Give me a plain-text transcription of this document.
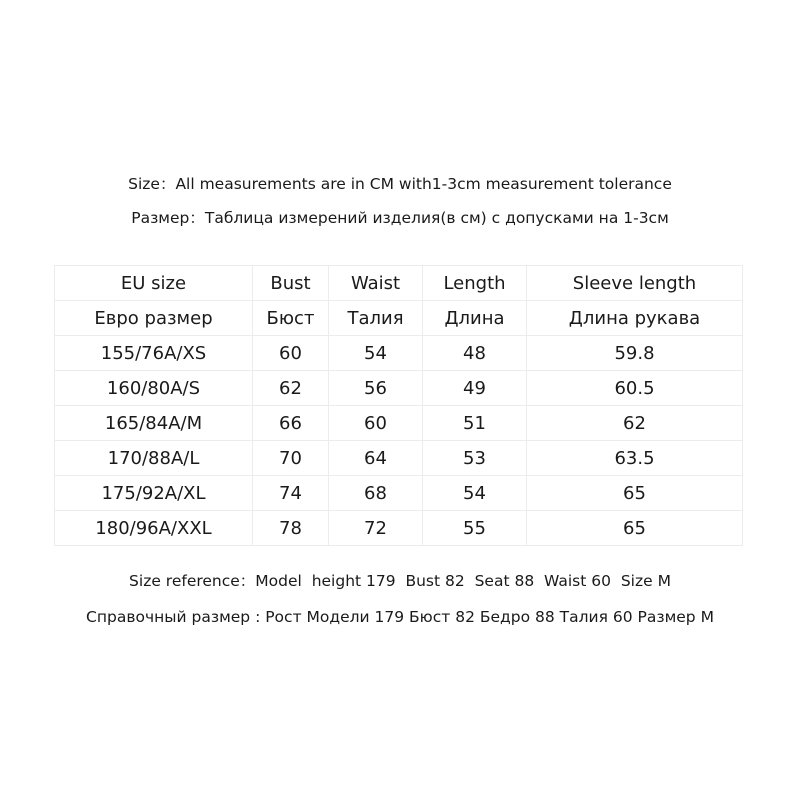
Size：All measurements are in CM with1-3cm measurement tolerance
Размер：Таблица измерений изделия(в см) с допусками на 1-3см
EU size	Bust	Waist	Length	Sleeve length
Евро размер	Бюст	Талия	Длина	Длина рукава
155/76A/XS	60	54	48	59.8
160/80A/S	62	56	49	60.5
165/84A/M	66	60	51	62
170/88A/L	70	64	53	63.5
175/92A/XL	74	68	54	65
180/96A/XXL	78	72	55	65
Size reference：Model  height 179  Bust 82  Seat 88  Waist 60  Size M
Справочный размер : Рост Модели 179 Бюст 82 Бедро 88 Талия 60 Размер М
